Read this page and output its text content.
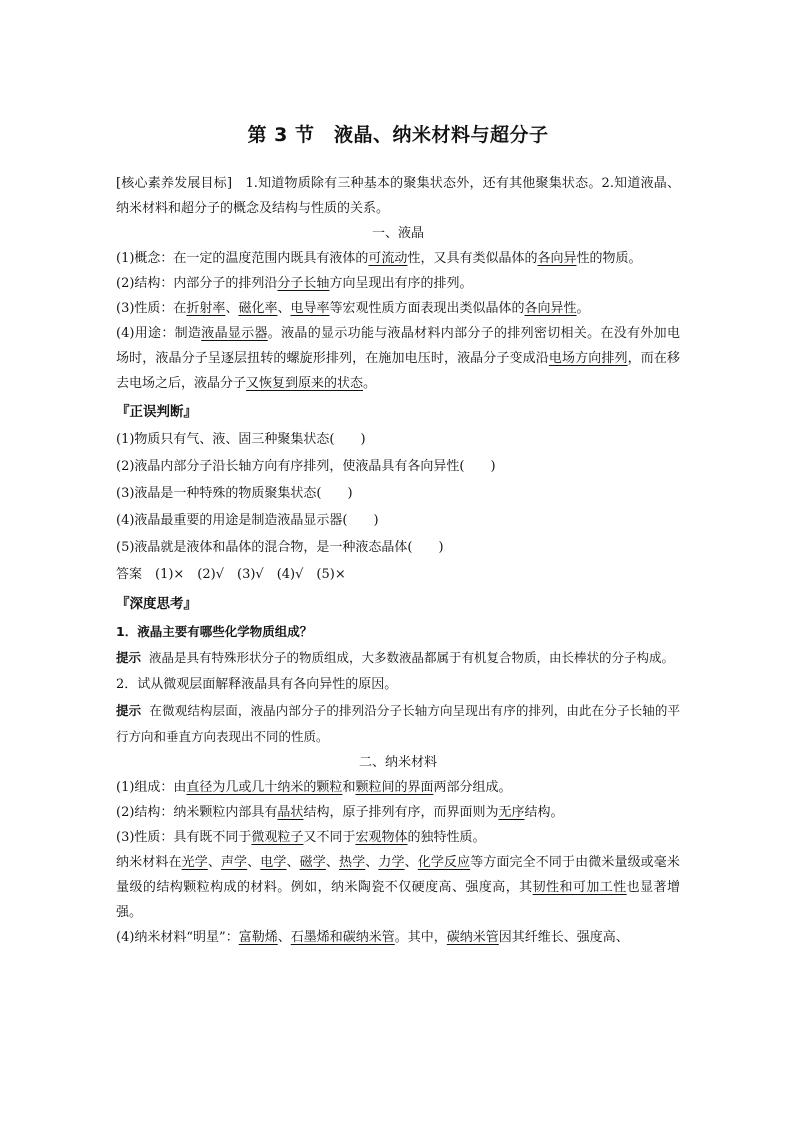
第 3 节　液晶、纳米材料与超分子

[核心素养发展目标]　1.知道物质除有三种基本的聚集状态外，还有其他聚集状态。2.知道液晶、纳米材料和超分子的概念及结构与性质的关系。

一、液晶

(1)概念：在一定的温度范围内既具有液体的可流动性，又具有类似晶体的各向异性的物质。

(2)结构：内部分子的排列沿分子长轴方向呈现出有序的排列。

(3)性质：在折射率、磁化率、电导率等宏观性质方面表现出类似晶体的各向异性。

(4)用途：制造液晶显示器。液晶的显示功能与液晶材料内部分子的排列密切相关。在没有外加电场时，液晶分子呈逐层扭转的螺旋形排列，在施加电压时，液晶分子变成沿电场方向排列，而在移去电场之后，液晶分子又恢复到原来的状态。

『正误判断』

(1)物质只有气、液、固三种聚集状态(　　)

(2)液晶内部分子沿长轴方向有序排列，使液晶具有各向异性(　　)

(3)液晶是一种特殊的物质聚集状态(　　)

(4)液晶最重要的用途是制造液晶显示器(　　)

(5)液晶就是液体和晶体的混合物，是一种液态晶体(　　)

答案　(1)×　(2)√　(3)√　(4)√　(5)×

『深度思考』

1．液晶主要有哪些化学物质组成？

提示 液晶是具有特殊形状分子的物质组成，大多数液晶都属于有机复合物质，由长棒状的分子构成。

2．试从微观层面解释液晶具有各向异性的原因。

提示 在微观结构层面，液晶内部分子的排列沿分子长轴方向呈现出有序的排列，由此在分子长轴的平行方向和垂直方向表现出不同的性质。

二、纳米材料

(1)组成：由直径为几或几十纳米的颗粒和颗粒间的界面两部分组成。

(2)结构：纳米颗粒内部具有晶状结构，原子排列有序，而界面则为无序结构。

(3)性质：具有既不同于微观粒子又不同于宏观物体的独特性质。

纳米材料在光学、声学、电学、磁学、热学、力学、化学反应等方面完全不同于由微米量级或毫米量级的结构颗粒构成的材料。例如，纳米陶瓷不仅硬度高、强度高，其韧性和可加工性也显著增强。

(4)纳米材料“明星”：富勒烯、石墨烯和碳纳米管。其中，碳纳米管因其纤维长、强度高、
